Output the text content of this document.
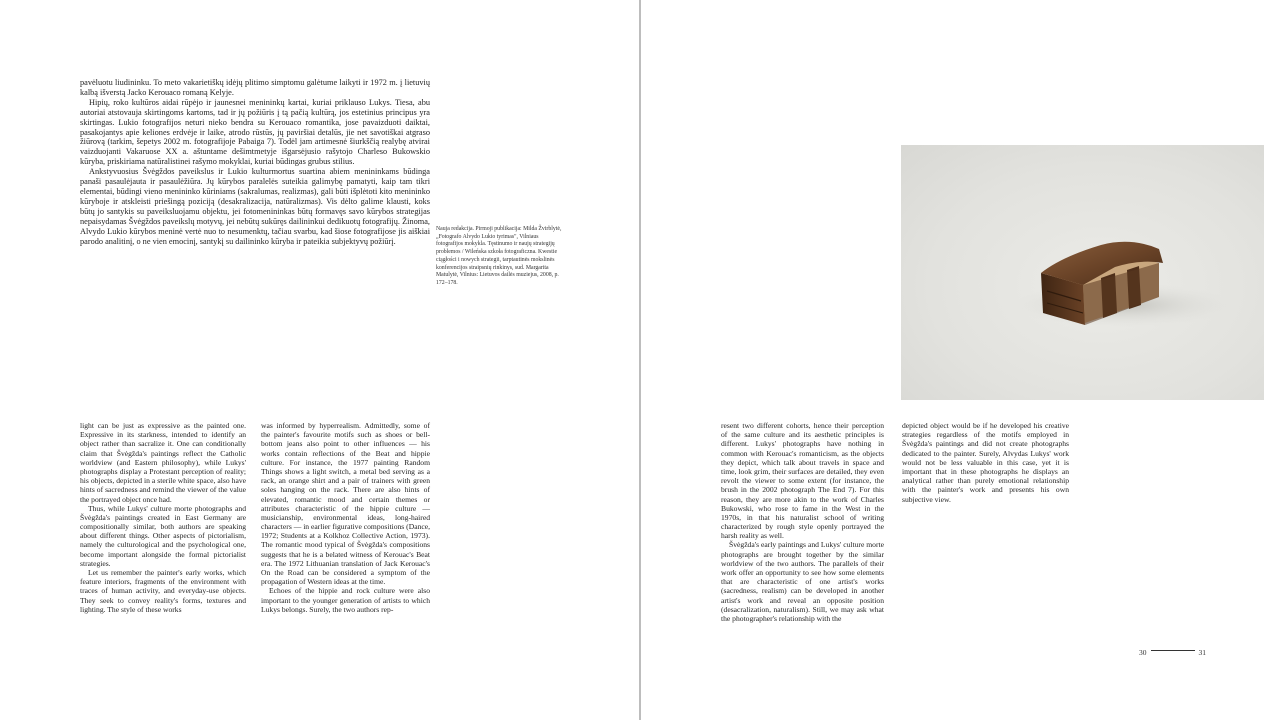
pavėluotu liudininku. To meto vakarietiškų idėjų plitimo simptomu galėtume laikyti ir 1972 m. į lietuvių kalbą išverstą Jacko Kerouaco romaną Kelyje.

Hipių, roko kultūros aidai rūpėjo ir jaunesnei menininkų kartai, kuriai priklauso Lukys. Tiesa, abu autoriai atstovauja skirtingoms kartoms, tad ir jų požiūris į tą pačią kultūrą, jos estetinius principus yra skirtingas. Lukio fotografijos neturi nieko bendra su Kerouaco romantika, jose pavaizduoti daiktai, pasakojantys apie keliones erdvėje ir laike, atrodo rūstūs, jų paviršiai detalūs, jie net savotiškai atgraso žiūrovą (tarkim, šepetys 2002 m. fotografijoje Pabaiga 7). Todėl jam artimesnė šiurkščią realybę atvirai vaizduojanti Vakaruose XX a. aštuntame dešimtmetyje išgarsėjusio rašytojo Charleso Bukowskio kūryba, priskiriama natūralistinei rašymo mokyklai, kuriai būdingas grubus stilius.

Ankstyvuosius Švėgždos paveikslus ir Lukio kulturmortus suartina abiem menininkams būdinga panaši pasaulėjauta ir pasaulėžiūra. Jų kūrybos paralelės suteikia galimybę pamatyti, kaip tam tikri elementai, būdingi vieno menininko kūriniams (sakralumas, realizmas), gali būti išplėtoti kito menininko kūryboje ir atskleisti priešingą poziciją (desakralizacija, natūralizmas). Vis dėlto galime klausti, koks būtų jo santykis su paveiksluojamu objektu, jei fotomenininkas būtų formavęs savo kūrybos strategijas nepaisydamas Švėgždos paveikslų motyvų, jei nebūtų sukūręs dailininkui dedikuotų fotografijų. Žinoma, Alvydo Lukio kūrybos meninė vertė nuo to nesumenktų, tačiau svarbu, kad šiose fotografijose jis aiškiai parodo analitinį, o ne vien emocinį, santykį su dailininko kūryba ir pateikia subjektyvų požiūrį.

Nauja redakcija. Pirmoji publikacija: Milda Žvirblytė, „Fotografo Alvydo Lukio tyrimas", Vilniaus fotografijos mokykla. Tęstinumo ir naujų strategijų problemos / Wileńska szkoła fotograficzna. Kwestie ciągłości i nowych strategii, tarptautinės mokslinės konferencijos straipsnių rinkinys, sud. Margarita Matulytė, Vilnius: Lietuvos dailės muziejus, 2008, p. 172–178.

light can be just as expressive as the painted one. Expressive in its starkness, intended to identify an object rather than sacralize it. One can conditionally claim that Švėgžda's paintings reflect the Catholic worldview (and Eastern philosophy), while Lukys' photographs display a Protestant perception of reality; his objects, depicted in a sterile white space, also have hints of sacredness and remind the viewer of the value the portrayed object once had.

Thus, while Lukys' culture morte photographs and Švėgžda's paintings created in East Germany are compositionally similar, both authors are speaking about different things. Other aspects of pictorialism, namely the culturological and the psychological one, become important alongside the formal pictorialist strategies.

Let us remember the painter's early works, which feature interiors, fragments of the environment with traces of human activity, and everyday-use objects. They seek to convey reality's forms, textures and lighting. The style of these works

was informed by hyperrealism. Admittedly, some of the painter's favourite motifs such as shoes or bell-bottom jeans also point to other influences — his works contain reflections of the Beat and hippie culture. For instance, the 1977 painting Random Things shows a light switch, a metal bed serving as a rack, an orange shirt and a pair of trainers with green soles hanging on the rack. There are also hints of elevated, romantic mood and certain themes or attributes characteristic of the hippie culture — musicianship, environmental ideas, long-haired characters — in earlier figurative compositions (Dance, 1972; Students at a Kolkhoz Collective Action, 1973). The romantic mood typical of Švėgžda's compositions suggests that he is a belated witness of Kerouac's Beat era. The 1972 Lithuanian translation of Jack Kerouac's On the Road can be considered a symptom of the propagation of Western ideas at the time.

Echoes of the hippie and rock culture were also important to the younger generation of artists to which Lukys belongs. Surely, the two authors rep-

resent two different cohorts, hence their perception of the same culture and its aesthetic principles is different. Lukys' photographs have nothing in common with Kerouac's romanticism, as the objects they depict, which talk about travels in space and time, look grim, their surfaces are detailed, they even revolt the viewer to some extent (for instance, the brush in the 2002 photograph The End 7). For this reason, they are more akin to the work of Charles Bukowski, who rose to fame in the West in the 1970s, in that his naturalist school of writing characterized by rough style openly portrayed the harsh reality as well.

Švėgžda's early paintings and Lukys' culture morte photographs are brought together by the similar worldview of the two authors. The parallels of their work offer an opportunity to see how some elements that are characteristic of one artist's works (sacredness, realism) can be developed in another artist's work and reveal an opposite position (desacralization, naturalism). Still, we may ask what the photographer's relationship with the

depicted object would be if he developed his creative strategies regardless of the motifs employed in Švėgžda's paintings and did not create photographs dedicated to the painter. Surely, Alvydas Lukys' work would not be less valuable in this case, yet it is important that in these photographs he displays an analytical rather than purely emotional relationship with the painter's work and presents his own subjective view.

30	31
